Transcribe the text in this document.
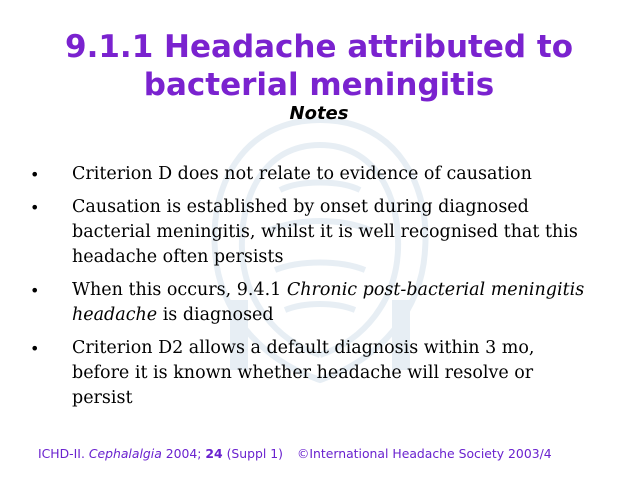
9.1.1 Headache attributed to
bacterial meningitis
Notes
• Criterion D does not relate to evidence of causation
• Causation is established by onset during diagnosed bacterial meningitis, whilst it is well recognised that this headache often persists
• When this occurs, 9.4.1 Chronic post-bacterial meningitis headache is diagnosed
• Criterion D2 allows a default diagnosis within 3 mo, before it is known whether headache will resolve or persist
ICHD-II. Cephalalgia 2004; 24 (Suppl 1) ©International Headache Society 2003/4
